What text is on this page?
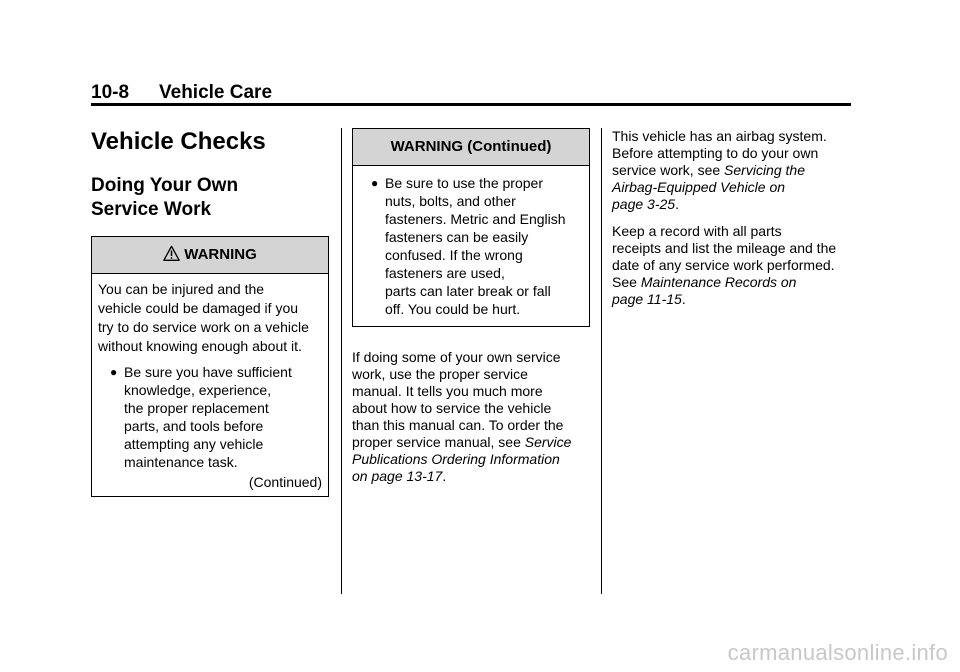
10-8 Vehicle Care
Vehicle Checks
Doing Your Own
Service Work
WARNING
You can be injured and the
vehicle could be damaged if you
try to do service work on a vehicle
without knowing enough about it.
● Be sure you have sufficient
knowledge, experience,
the proper replacement
parts, and tools before
attempting any vehicle
maintenance task.
(Continued)
WARNING (Continued)
● Be sure to use the proper
nuts, bolts, and other
fasteners. Metric and English
fasteners can be easily
confused. If the wrong
fasteners are used,
parts can later break or fall
off. You could be hurt.

If doing some of your own service
work, use the proper service
manual. It tells you much more
about how to service the vehicle
than this manual can. To order the
proper service manual, see Service
Publications Ordering Information
on page 13-17.

This vehicle has an airbag system.
Before attempting to do your own
service work, see Servicing the
Airbag-Equipped Vehicle on
page 3-25.

Keep a record with all parts
receipts and list the mileage and the
date of any service work performed.
See Maintenance Records on
page 11-15.

carmanualsonline.info
